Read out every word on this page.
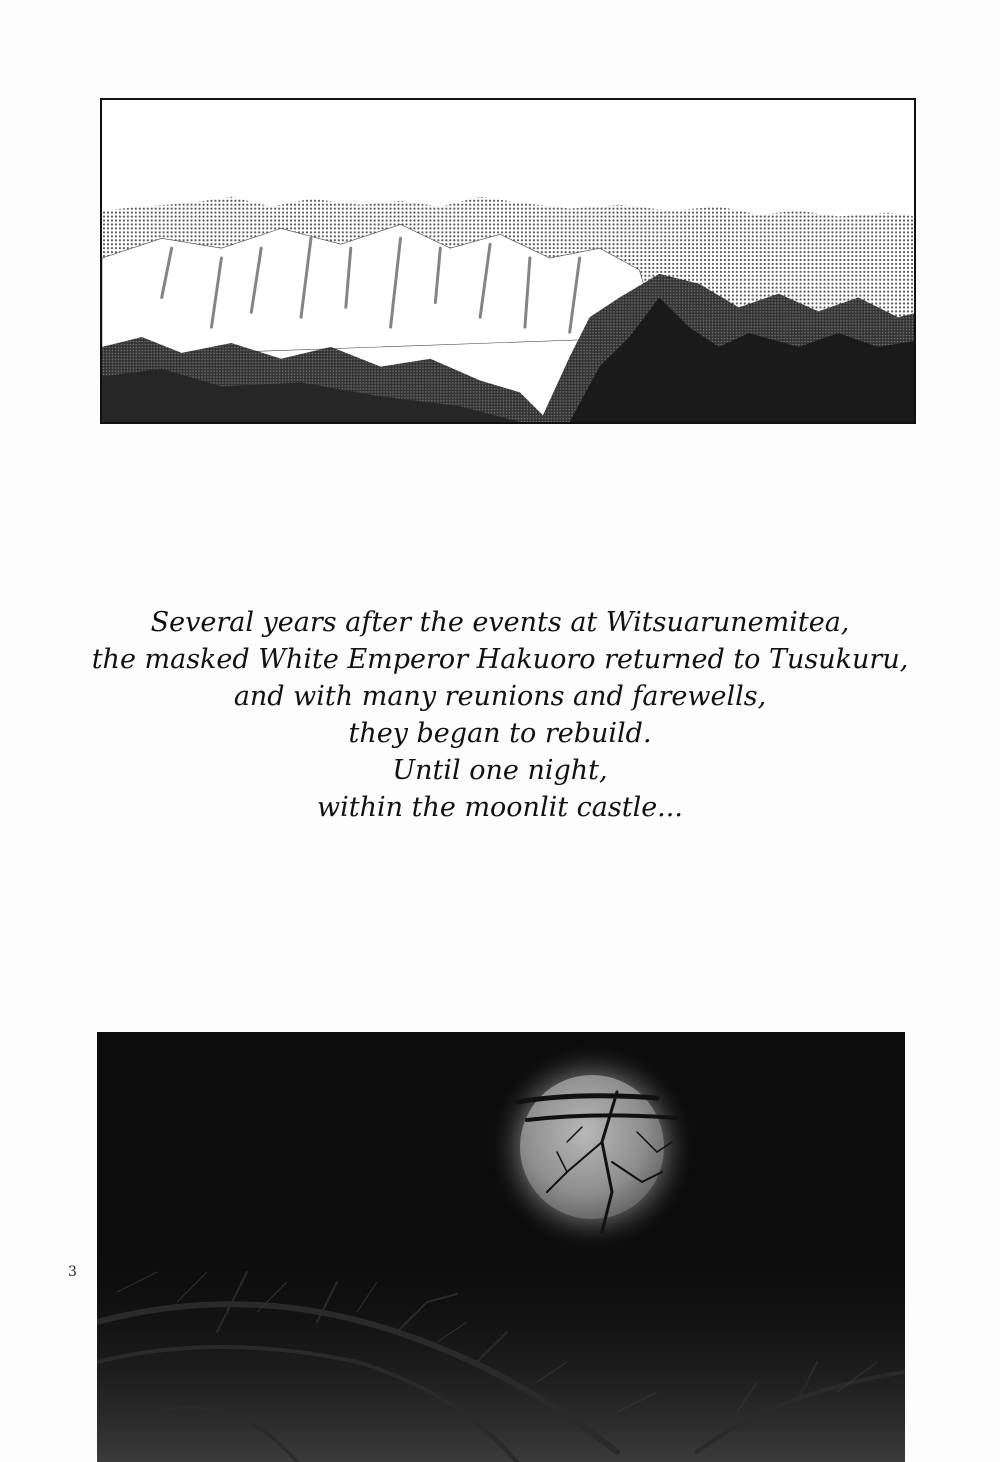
Several years after the events at Witsuarunemitea,
the masked White Emperor Hakuoro returned to Tusukuru,
and with many reunions and farewells,
they began to rebuild.
Until one night,
within the moonlit castle...
3
